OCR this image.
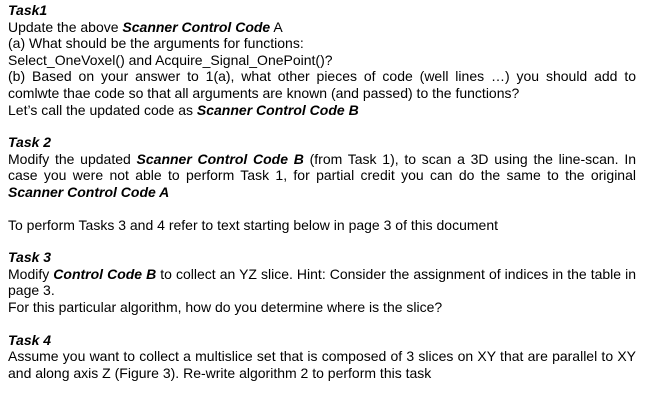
Task1
Update the above Scanner Control Code A
(a) What should be the arguments for functions:
Select_OneVoxel() and Acquire_Signal_OnePoint()?
(b) Based on your answer to 1(a), what other pieces of code (well lines …) you should add to comlwte thae code so that all arguments are known (and passed) to the functions?
Let’s call the updated code as Scanner Control Code B
Task 2
Modify the updated Scanner Control Code B (from Task 1), to scan a 3D using the line-scan. In case you were not able to perform Task 1, for partial credit you can do the same to the original Scanner Control Code A
To perform Tasks 3 and 4 refer to text starting below in page 3 of this document
Task 3
Modify Control Code B to collect an YZ slice. Hint: Consider the assignment of indices in the table in page 3.
For this particular algorithm, how do you determine where is the slice?
Task 4
Assume you want to collect a multislice set that is composed of 3 slices on XY that are parallel to XY and along axis Z (Figure 3). Re-write algorithm 2 to perform this task
